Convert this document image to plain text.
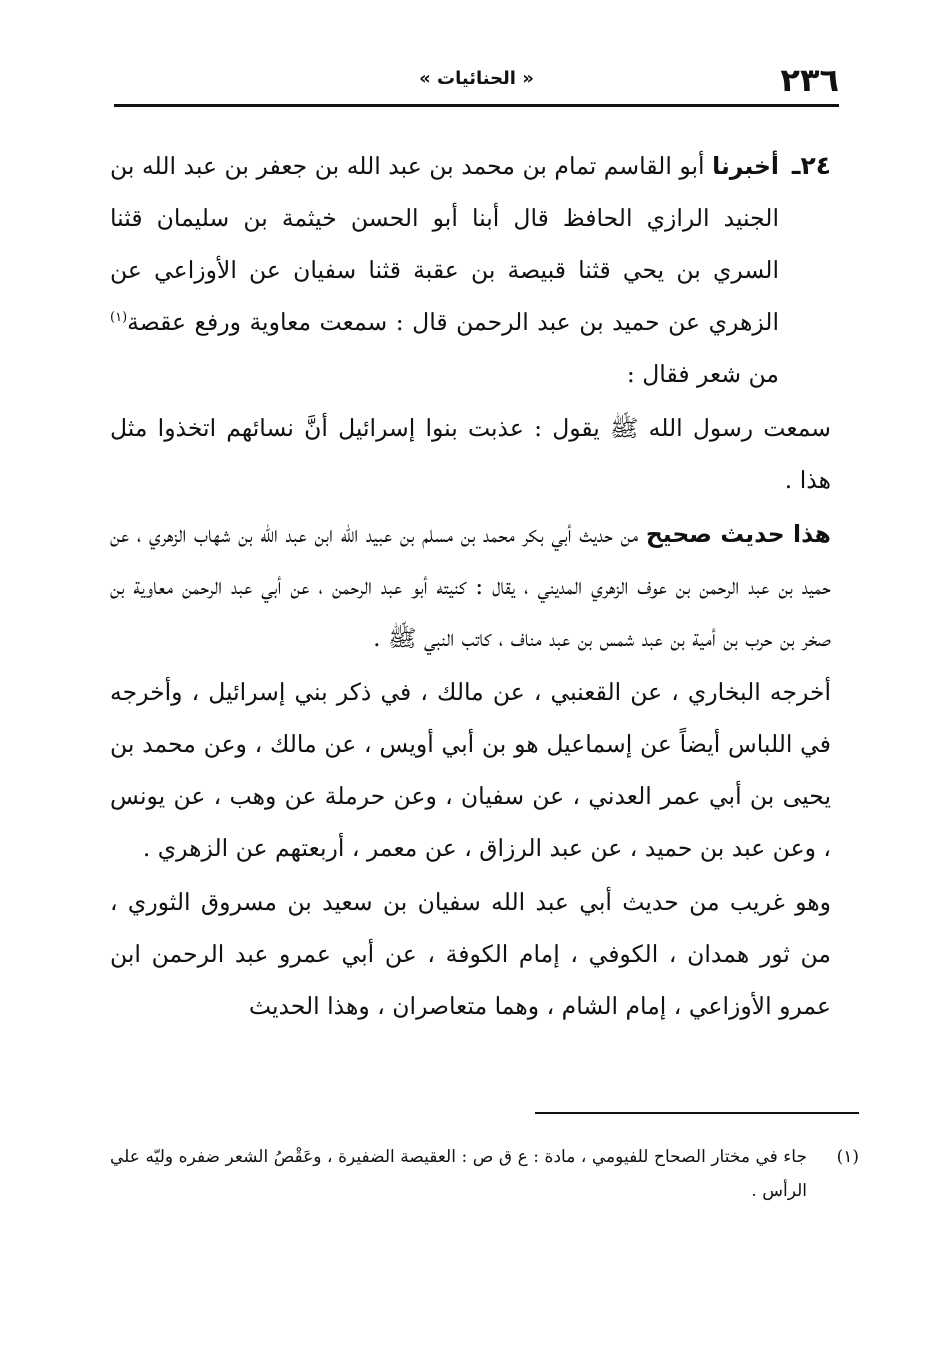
٢٣٦
« الحنائيات »
٢٤ـ
أخبرنا أبو القاسم تمام بن محمد بن عبد الله بن جعفر بن عبد الله بن الجنيد الرازي الحافظ قال أبنا أبو الحسن خيثمة بن سليمان قثنا السري بن يحي قثنا قبيصة بن عقبة قثنا سفيان عن الأوزاعي عن الزهري عن حميد بن عبد الرحمن قال : سمعت معاوية ورفع عقصة$^{(١)}$ من شعر فقال :

سمعت رسول الله ﷺ يقول : عذبت بنوا إسرائيل أنَّ نسائهم اتخذوا مثل هذا .

هذا حديث صحيح من حديث أبي بكر محمد بن مسلم بن عبيد الله ابن عبد الله بن شهاب الزهري ، عن حميد بن عبد الرحمن بن عوف الزهري المديني ، يقال : كنيته أبو عبد الرحمن ، عن أبي عبد الرحمن معاوية بن صخر بن حرب بن أمية بن عبد شمس بن عبد مناف ، كاتب النبي ﷺ .

أخرجه البخاري ، عن القعنبي ، عن مالك ، في ذكر بني إسرائيل ، وأخرجه في اللباس أيضاً عن إسماعيل هو بن أبي أويس ، عن مالك ، وعن محمد بن يحيى بن أبي عمر العدني ، عن سفيان ، وعن حرملة عن وهب ، عن يونس ، وعن عبد بن حميد ، عن عبد الرزاق ، عن معمر ، أربعتهم عن الزهري .

وهو غريب من حديث أبي عبد الله سفيان بن سعيد بن مسروق الثوري ، من ثور همدان ، الكوفي ، إمام الكوفة ، عن أبي عمرو عبد الرحمن ابن عمرو الأوزاعي ، إمام الشام ، وهما متعاصران ، وهذا الحديث

(١)
جاء في مختار الصحاح للفيومي ، مادة : ع ق ص : العقيصة الضفيرة ، وعَقْصُ الشعر ضفره وليّه علي الرأس .
